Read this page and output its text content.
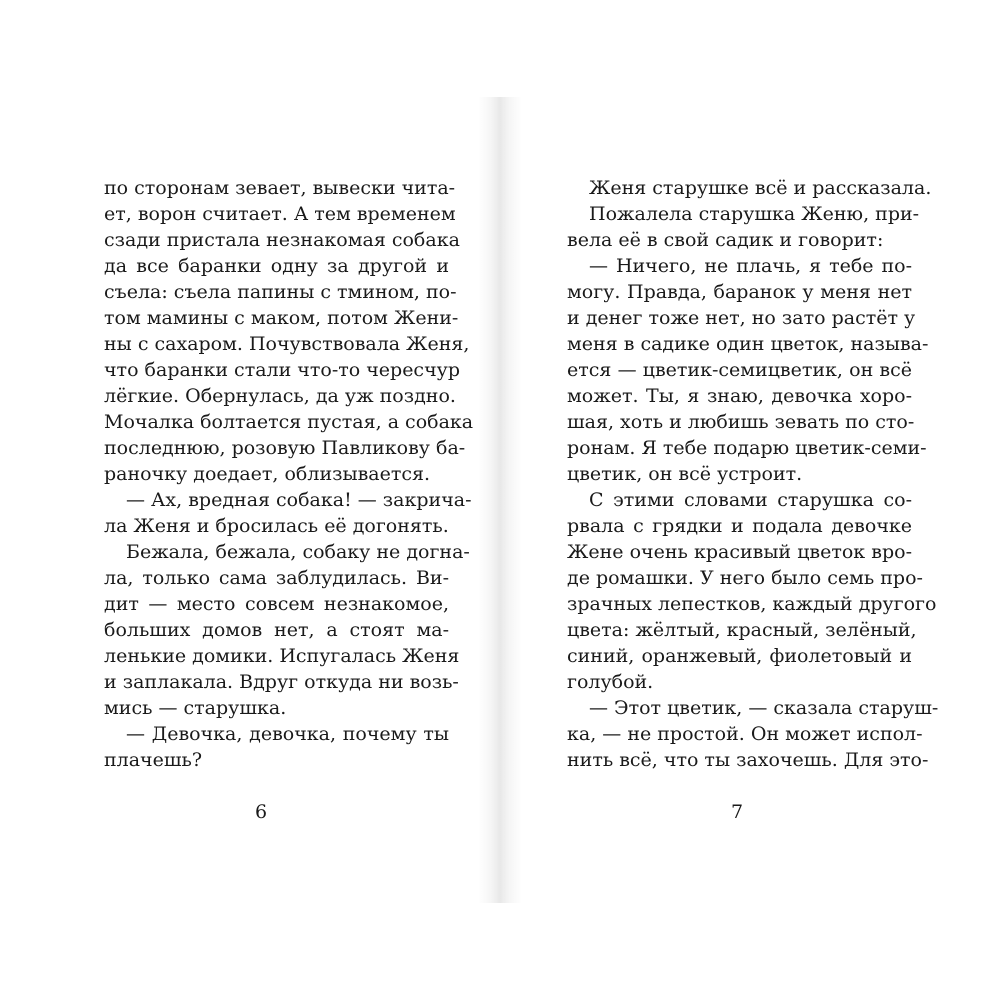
по сторонам зевает, вывески чита-
ет, ворон считает. А тем временем
сзади пристала незнакомая собака
да все баранки одну за другой и
съела: съела папины с тмином, по-
том мамины с маком, потом Жени-
ны с сахаром. Почувствовала Женя,
что баранки стали что-то чересчур
лёгкие. Обернулась, да уж поздно.
Мочалка болтается пустая, а собака
последнюю, розовую Павликову ба-
ран‍очку доедает, облизывается.
— Ах, вредная собака! — закрича-
ла Женя и бросилась её догонять.
Бежала, бежала, собаку не догна-
ла, только сама заблудилась. Ви-
дит — место совсем незнакомое,
больших домов нет, а стоят ма-
ленькие домики. Испугалась Женя
и заплакала. Вдруг откуда ни возь-
мись — старушка.
— Девочка, девочка, почему ты
плачешь?
6
Женя старушке всё и рассказала.
Пожалела старушка Женю, при-
вела её в свой садик и говорит:
— Ничего, не плачь, я тебе по-
могу. Правда, баранок у меня нет
и денег тоже нет, но зато растёт у
меня в садике один цветок, называ-
ется — цветик-семицветик, он всё
может. Ты, я знаю, девочка хоро-
шая, хоть и любишь зевать по сто-
ронам. Я тебе подарю цветик-семи-
цветик, он всё устроит.
С этими словами старушка со-
рвала с грядки и подала девочке
Жене очень красивый цветок вро-
де ромашки. У него было семь про-
зрачных лепестков, каждый другого
цвета: жёлтый, красный, зелёный,
синий, оранжевый, фиолетовый и
голубой.
— Этот цветик, — сказала старуш-
ка, — не простой. Он может испол-
нить всё, что ты захочешь. Для это-
7
